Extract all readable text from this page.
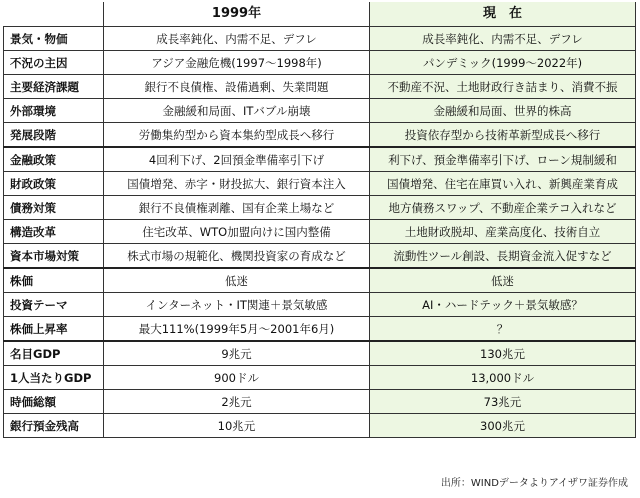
	1999年	現　在
景気・物価	成長率鈍化、内需不足、デフレ	成長率鈍化、内需不足、デフレ
不況の主因	アジア金融危機(1997～1998年)	パンデミック(1999～2022年)
主要経済課題	銀行不良債権、設備過剰、失業問題	不動産不況、土地財政行き詰まり、消費不振
外部環境	金融緩和局面、ITバブル崩壊	金融緩和局面、世界的株高
発展段階	労働集約型から資本集約型成長へ移行	投資依存型から技術革新型成長へ移行
金融政策	4回利下げ、2回預金準備率引下げ	利下げ、預金準備率引下げ、ローン規制緩和
財政政策	国債増発、赤字・財投拡大、銀行資本注入	国債増発、住宅在庫買い入れ、新興産業育成
債務対策	銀行不良債権剥離、国有企業上場など	地方債務スワップ、不動産企業テコ入れなど
構造改革	住宅改革、WTO加盟向けに国内整備	土地財政脱却、産業高度化、技術自立
資本市場対策	株式市場の規範化、機関投資家の育成など	流動性ツール創設、長期資金流入促すなど
株価	低迷	低迷
投資テーマ	インターネット・IT関連＋景気敏感	AI・ハードテック＋景気敏感？
株価上昇率	最大111%(1999年5月～2001年6月)	？
名目GDP	9兆元	130兆元
1人当たりGDP	900ドル	13,000ドル
時価総額	2兆元	73兆元
銀行預金残高	10兆元	300兆元
出所：WINDデータよりアイザワ証券作成
